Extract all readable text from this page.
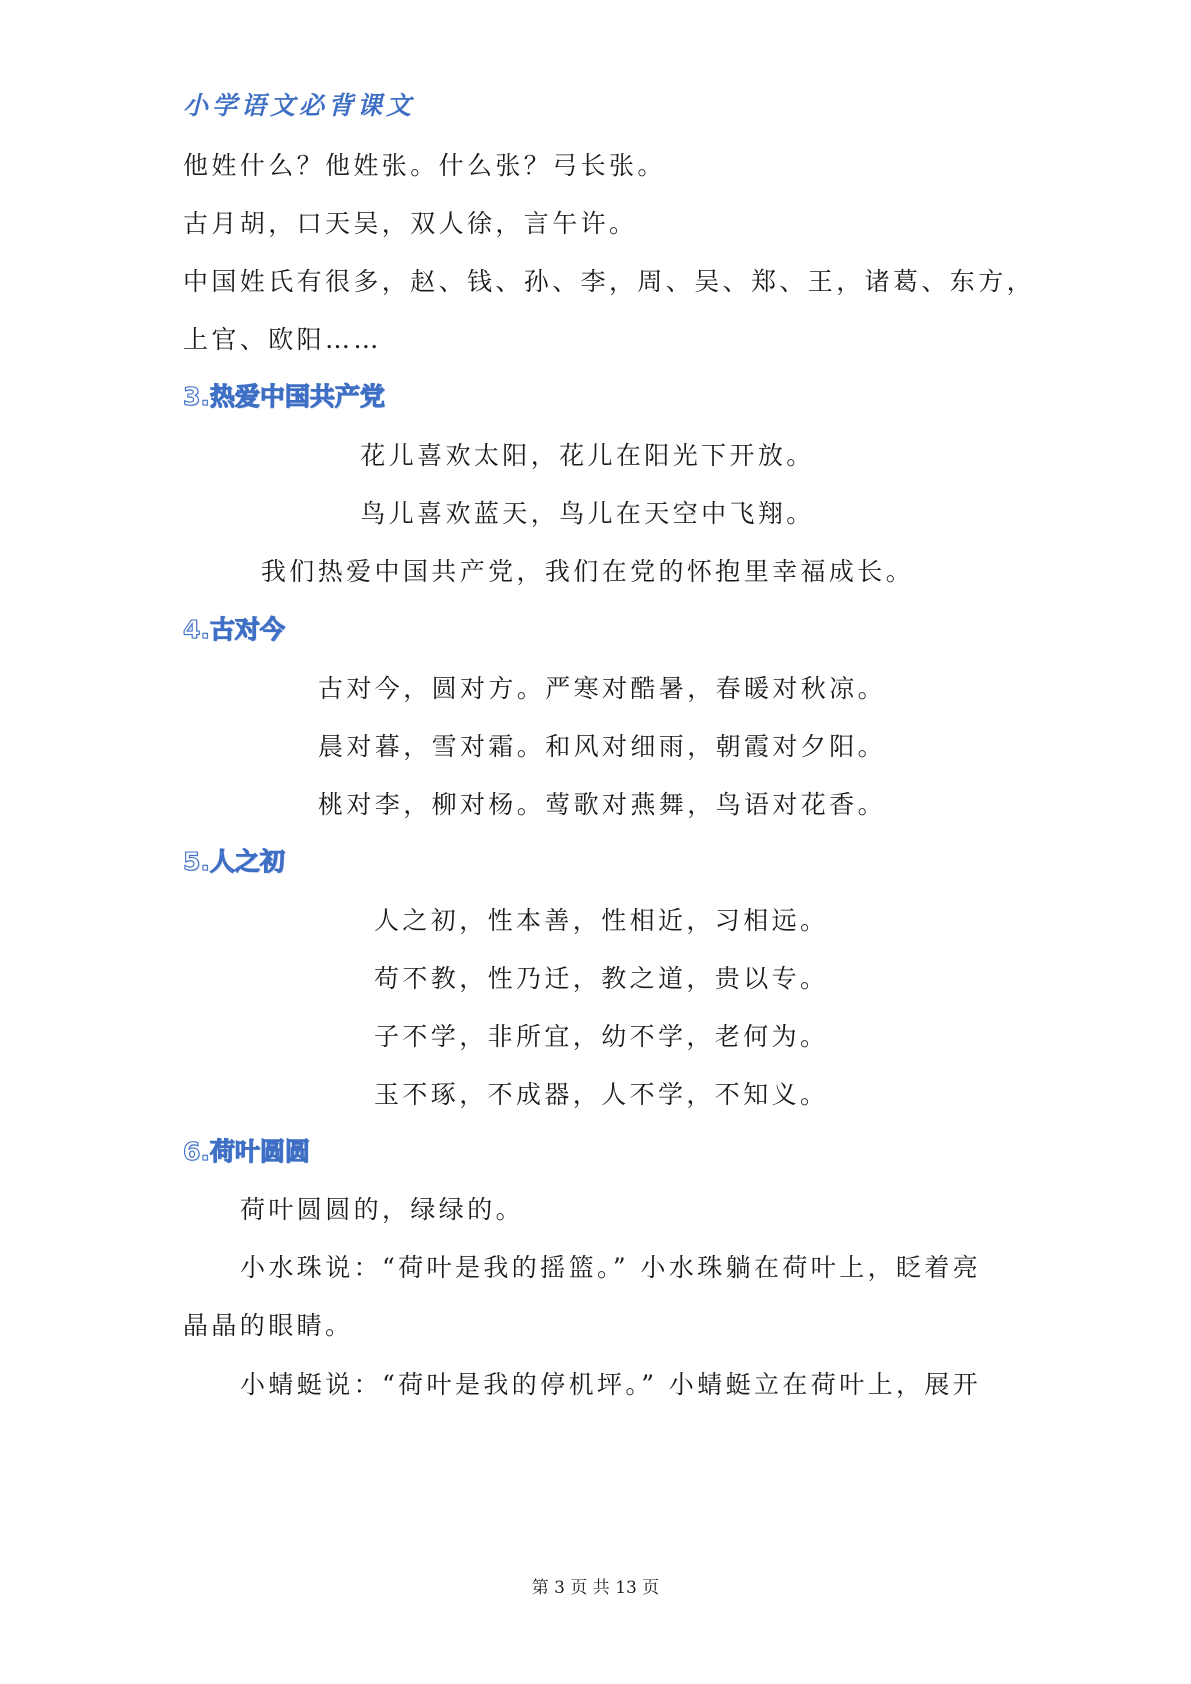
小学语文必背课文
他姓什么？他姓张。什么张？弓长张。
古月胡，口天吴，双人徐，言午许。
中国姓氏有很多，赵、钱、孙、李，周、吴、郑、王，诸葛、东方，
上官、欧阳……
3.热爱中国共产党
花儿喜欢太阳，花儿在阳光下开放。
鸟儿喜欢蓝天，鸟儿在天空中飞翔。
我们热爱中国共产党，我们在党的怀抱里幸福成长。
4.古对今
古对今，圆对方。严寒对酷暑，春暖对秋凉。
晨对暮，雪对霜。和风对细雨，朝霞对夕阳。
桃对李，柳对杨。莺歌对燕舞，鸟语对花香。
5.人之初
人之初，性本善，性相近，习相远。
苟不教，性乃迁，教之道，贵以专。
子不学，非所宜，幼不学，老何为。
玉不琢，不成器，人不学，不知义。
6.荷叶圆圆
荷叶圆圆的，绿绿的。
小水珠说：“荷叶是我的摇篮。” 小水珠躺在荷叶上，眨着亮
晶晶的眼睛。
小蜻蜓说：“荷叶是我的停机坪。” 小蜻蜓立在荷叶上，展开
第 3 页 共 13 页
